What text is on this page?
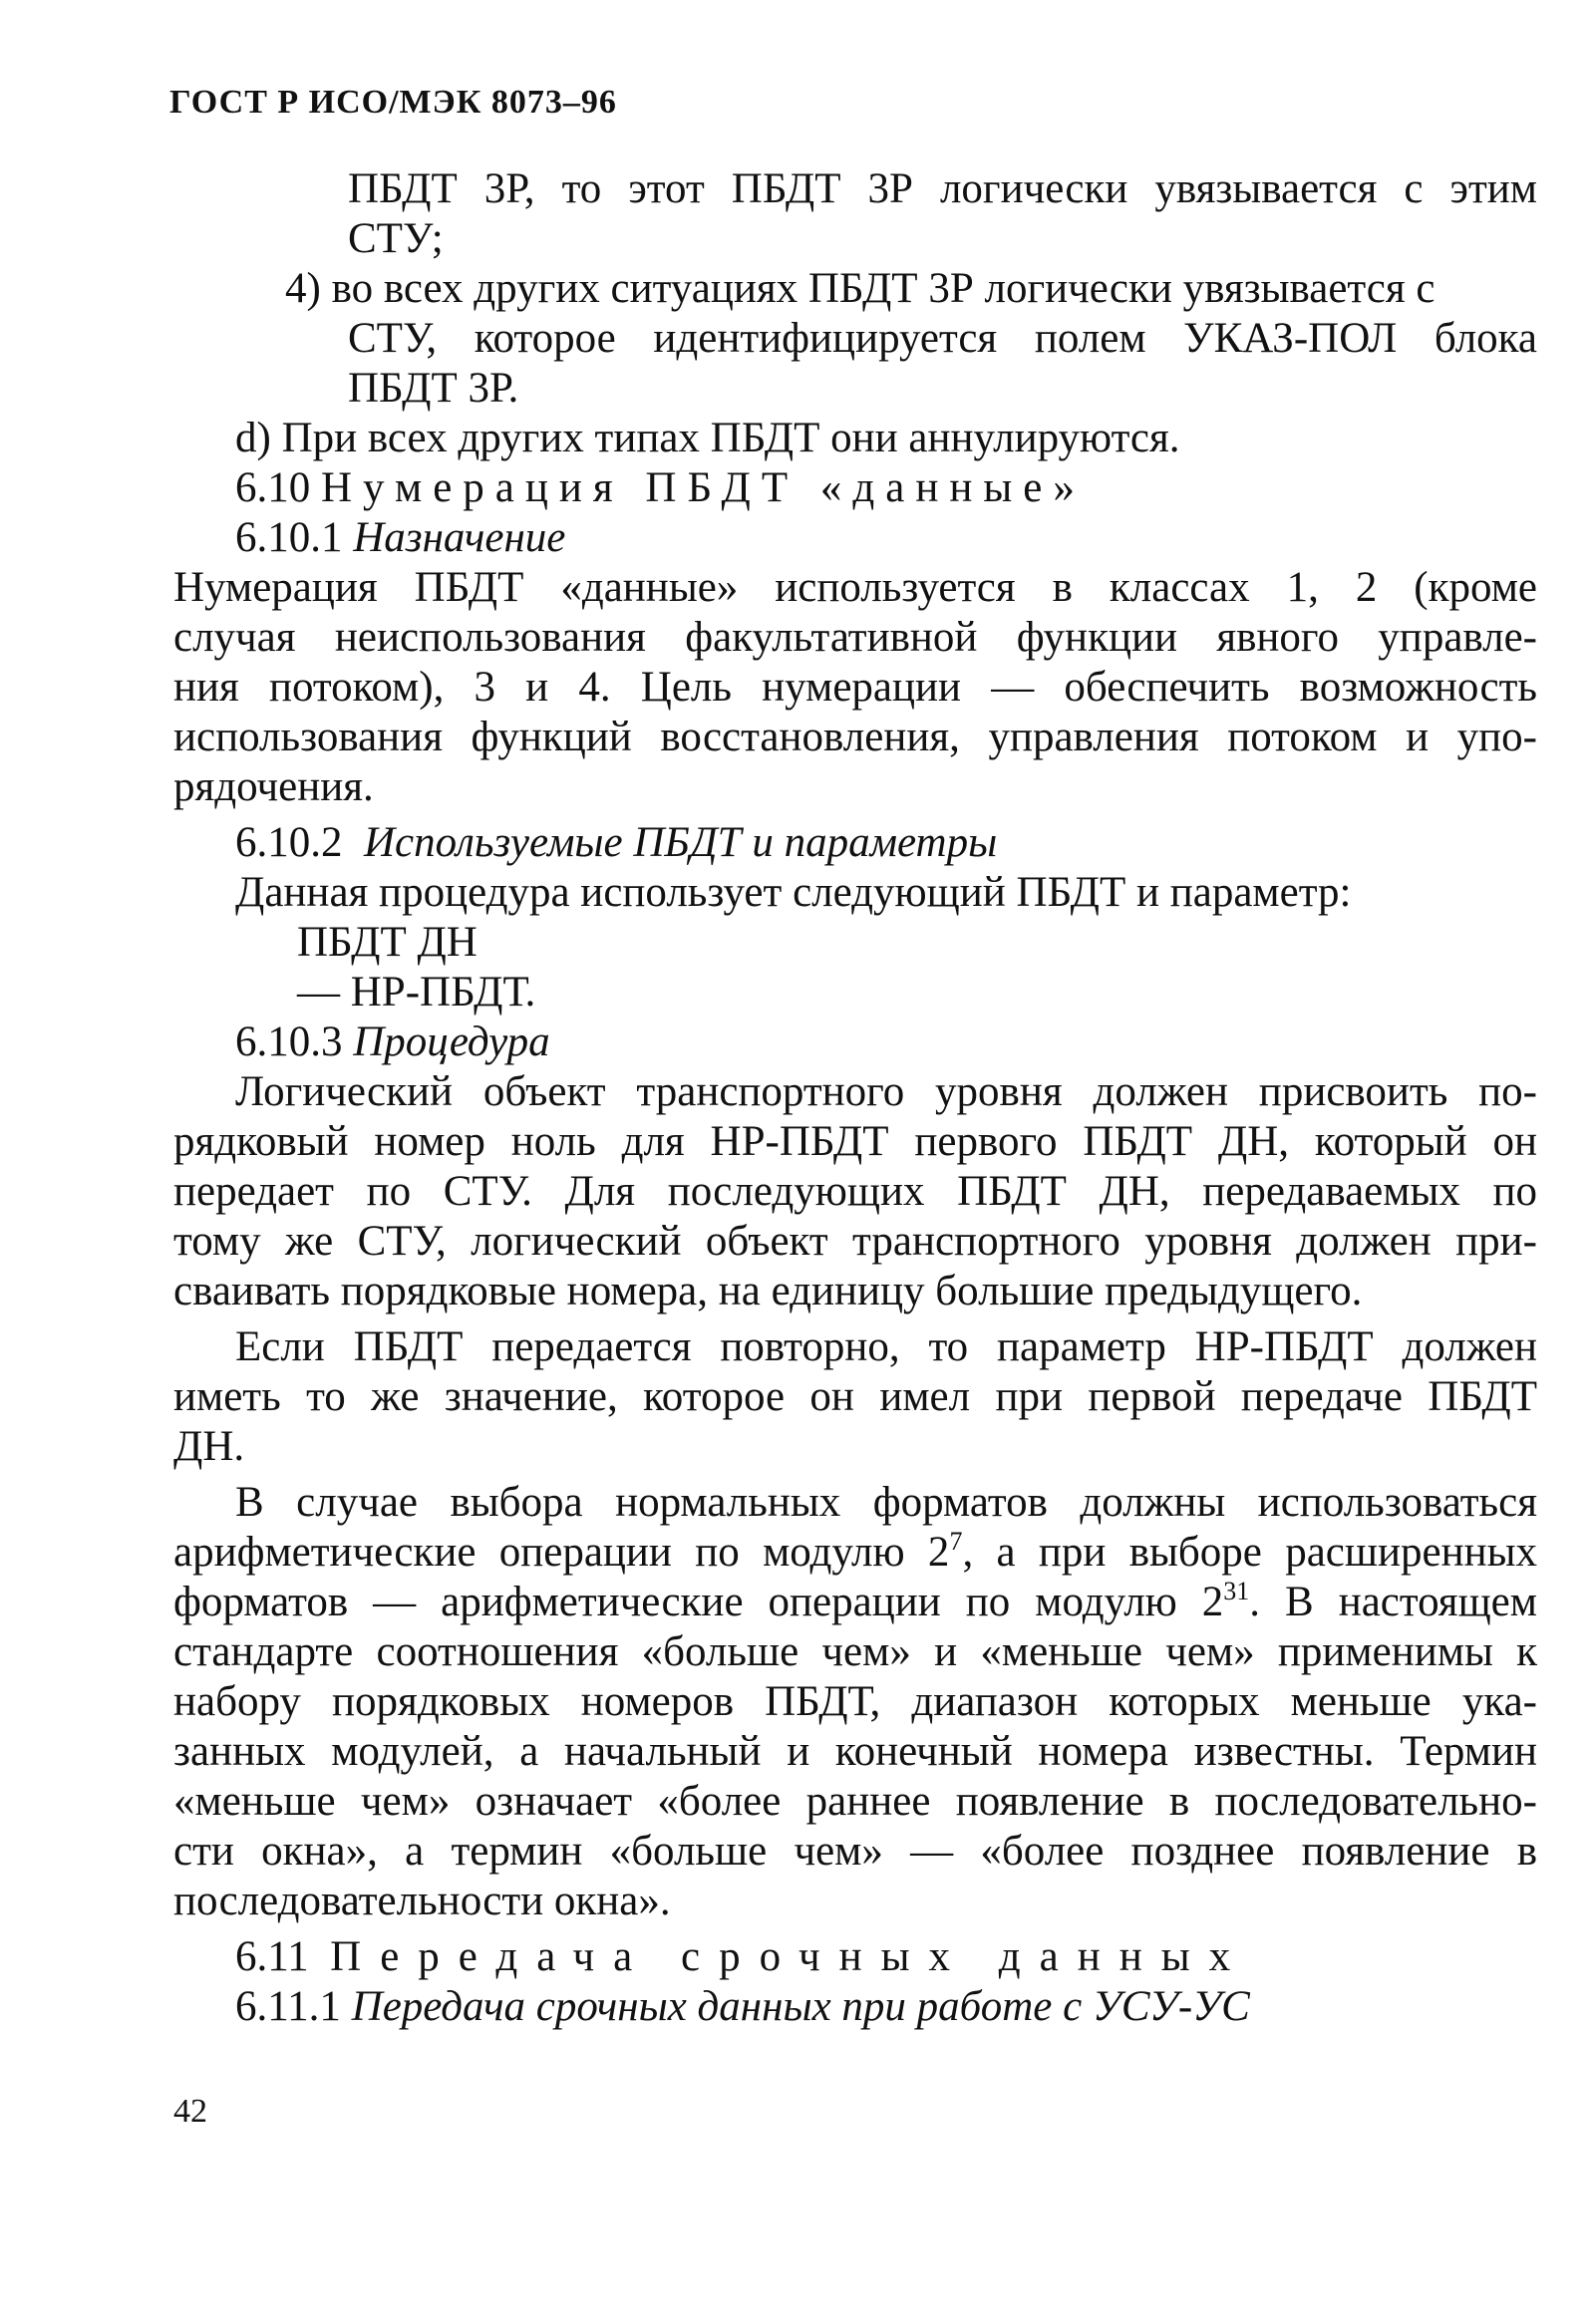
ГОСТ Р ИСО/МЭК 8073–96
ПБДТ 3Р, то этот ПБДТ 3Р логически увязывается с этим
СТУ;
4) во всех других ситуациях ПБДТ 3Р логически увязывается с
СТУ, которое идентифицируется полем УКАЗ-ПОЛ блока
ПБДТ 3Р.
d) При всех других типах ПБДТ они аннулируются.
6.10 Нумерация ПБДТ «данные»
6.10.1 Назначение
Нумерация ПБДТ «данные» используется в классах 1, 2 (кроме
случая неиспользования факультативной функции явного управле-
ния потоком), 3 и 4. Цель нумерации — обеспечить возможность
использования функций восстановления, управления потоком и упо-
рядочения.
6.10.2 Используемые ПБДТ и параметры
Данная процедура использует следующий ПБДТ и параметр:
ПБДТ ДН
— НР-ПБДТ.
6.10.3 Процедура
Логический объект транспортного уровня должен присвоить по-
рядковый номер ноль для НР-ПБДТ первого ПБДТ ДН, который он
передает по СТУ. Для последующих ПБДТ ДН, передаваемых по
тому же СТУ, логический объект транспортного уровня должен при-
сваивать порядковые номера, на единицу большие предыдущего.
Если ПБДТ передается повторно, то параметр НР-ПБДТ должен
иметь то же значение, которое он имел при первой передаче ПБДТ
ДН.
В случае выбора нормальных форматов должны использоваться
арифметические операции по модулю $2^7$, а при выборе расширенных
форматов — арифметические операции по модулю $2^{31}$. В настоящем
стандарте соотношения «больше чем» и «меньше чем» применимы к
набору порядковых номеров ПБДТ, диапазон которых меньше ука-
занных модулей, а начальный и конечный номера известны. Термин
«меньше чем» означает «более раннее появление в последовательно-
сти окна», а термин «больше чем» — «более позднее появление в
последовательности окна».
6.11 Передача срочных данных
6.11.1 Передача срочных данных при работе с УСУ-УС
42
